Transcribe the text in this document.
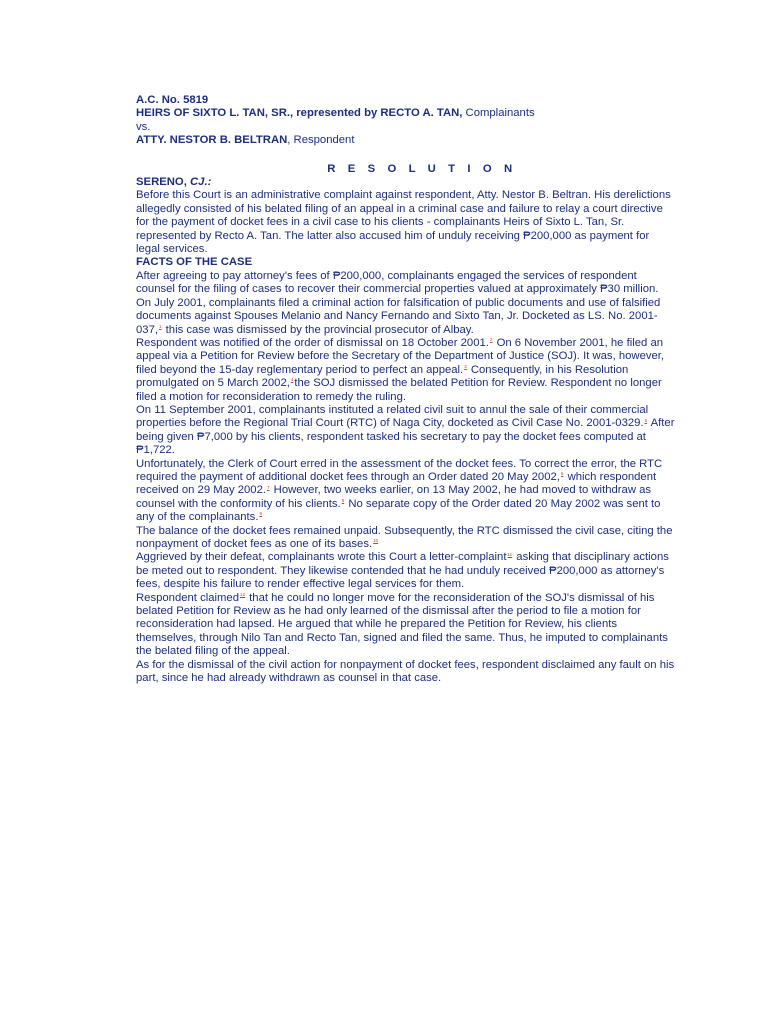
A.C. No. 5819

HEIRS OF SIXTO L. TAN, SR., represented by RECTO A. TAN, Complainants

vs.

ATTY. NESTOR B. BELTRAN, Respondent

R E S O L U T I O N

SERENO, CJ.:

Before this Court is an administrative complaint against respondent, Atty. Nestor B. Beltran. His derelictions allegedly consisted of his belated filing of an appeal in a criminal case and failure to relay a court directive for the payment of docket fees in a civil case to his clients - complainants Heirs of Sixto L. Tan, Sr. represented by Recto A. Tan. The latter also accused him of unduly receiving ₱200,000 as payment for legal services.

FACTS OF THE CASE

After agreeing to pay attorney's fees of ₱200,000, complainants engaged the services of respondent counsel for the filing of cases to recover their commercial properties valued at approximately ₱30 million.

On July 2001, complainants filed a criminal action for falsification of public documents and use of falsified documents against Spouses Melanio and Nancy Fernando and Sixto Tan, Jr. Docketed as LS. No. 2001-037,$^1$ this case was dismissed by the provincial prosecutor of Albay.

Respondent was notified of the order of dismissal on 18 October 2001.$^2$ On 6 November 2001, he filed an appeal via a Petition for Review before the Secretary of the Department of Justice (SOJ). It was, however, filed beyond the 15-day reglementary period to perfect an appeal.$^3$ Consequently, in his Resolution promulgated on 5 March 2002,$^4$the SOJ dismissed the belated Petition for Review. Respondent no longer filed a motion for reconsideration to remedy the ruling.

On 11 September 2001, complainants instituted a related civil suit to annul the sale of their commercial properties before the Regional Trial Court (RTC) of Naga City, docketed as Civil Case No. 2001-0329.$^5$ After being given ₱7,000 by his clients, respondent tasked his secretary to pay the docket fees computed at ₱1,722.

Unfortunately, the Clerk of Court erred in the assessment of the docket fees. To correct the error, the RTC required the payment of additional docket fees through an Order dated 20 May 2002,$^6$ which respondent received on 29 May 2002.$^7$ However, two weeks earlier, on 13 May 2002, he had moved to withdraw as counsel with the conformity of his clients.$^8$ No separate copy of the Order dated 20 May 2002 was sent to any of the complainants.$^9$

The balance of the docket fees remained unpaid. Subsequently, the RTC dismissed the civil case, citing the nonpayment of docket fees as one of its bases.$^{10}$

Aggrieved by their defeat, complainants wrote this Court a letter-complaint$^{11}$ asking that disciplinary actions be meted out to respondent. They likewise contended that he had unduly received ₱200,000 as attorney's fees, despite his failure to render effective legal services for them.

Respondent claimed$^{12}$ that he could no longer move for the reconsideration of the SOJ's dismissal of his belated Petition for Review as he had only learned of the dismissal after the period to file a motion for reconsideration had lapsed. He argued that while he prepared the Petition for Review, his clients themselves, through Nilo Tan and Recto Tan, signed and filed the same. Thus, he imputed to complainants the belated filing of the appeal.

As for the dismissal of the civil action for nonpayment of docket fees, respondent disclaimed any fault on his part, since he had already withdrawn as counsel in that case.
